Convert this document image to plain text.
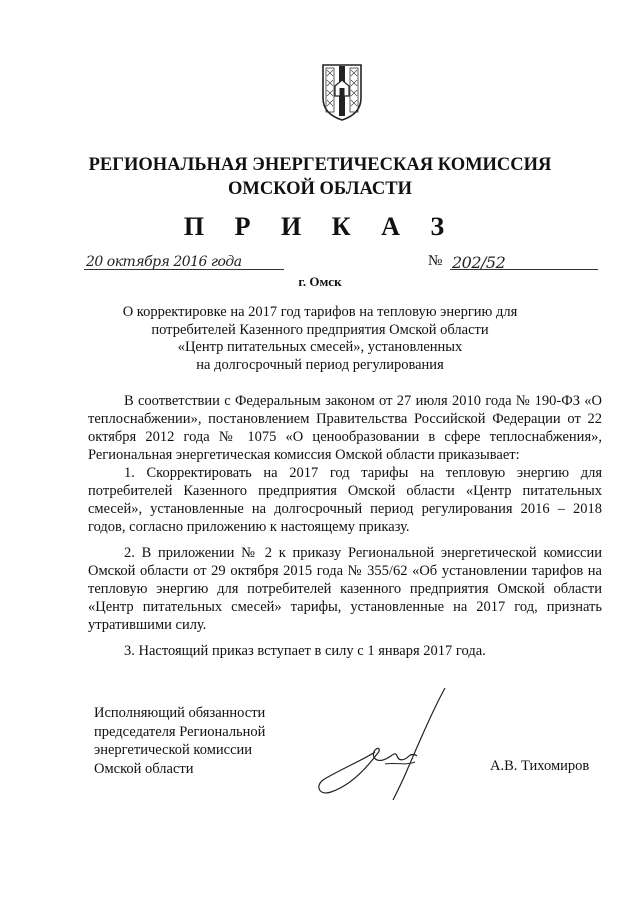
РЕГИОНАЛЬНАЯ ЭНЕРГЕТИЧЕСКАЯ КОМИССИЯ
ОМСКОЙ ОБЛАСТИ
П Р И К А З
20 октября 2016 года	№ 202/52
г. Омск
О корректировке на 2017 год тарифов на тепловую энергию для
потребителей Казенного предприятия Омской области
«Центр питательных смесей», установленных
на долгосрочный период регулирования

В соответствии с Федеральным законом от 27 июля 2010 года № 190-ФЗ «О теплоснабжении», постановлением Правительства Российской Федерации от 22 октября 2012 года № 1075 «О ценообразовании в сфере теплоснабжения», Региональная энергетическая комиссия Омской области приказывает:

1. Скорректировать на 2017 год тарифы на тепловую энергию для потребителей Казенного предприятия Омской области «Центр питательных смесей», установленные на долгосрочный период регулирования 2016 – 2018 годов, согласно приложению к настоящему приказу.

2. В приложении № 2 к приказу Региональной энергетической комиссии Омской области от 29 октября 2015 года № 355/62 «Об установлении тарифов на тепловую энергию для потребителей казенного предприятия Омской области «Центр питательных смесей» тарифы, установленные на 2017 год, признать утратившими силу.

3. Настоящий приказ вступает в силу с 1 января 2017 года.

Исполняющий обязанности
председателя Региональной
энергетической комиссии
Омской области	А.В. Тихомиров
